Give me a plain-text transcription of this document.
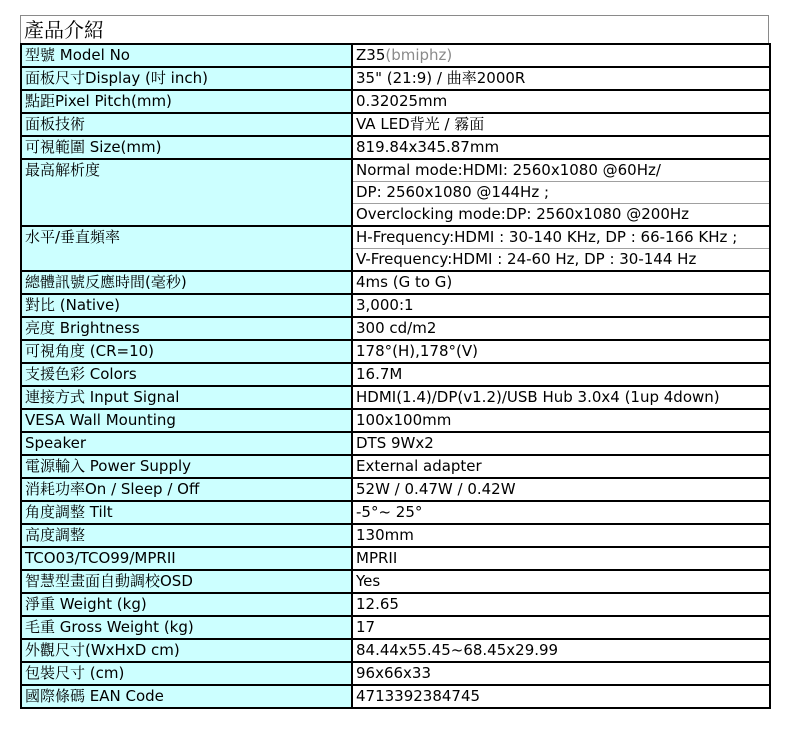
產品介紹
型號 Model No	Z35(bmiphz)

面板尺寸Display (吋 inch)	35" (21:9) / 曲率2000R

點距Pixel Pitch(mm)	0.32025mm

面板技術	VA LED背光 / 霧面

可視範圍 Size(mm)	819.84x345.87mm

最高解析度	Normal mode:HDMI: 2560x1080 @60Hz/
DP: 2560x1080 @144Hz ;
Overclocking mode:DP: 2560x1080 @200Hz

水平/垂直頻率	H-Frequency:HDMI : 30-140 KHz, DP : 66-166 KHz ;
V-Frequency:HDMI : 24-60 Hz, DP : 30-144 Hz

總體訊號反應時間(毫秒)	4ms (G to G)

對比 (Native)	3,000:1

亮度 Brightness	300 cd/m2

可視角度 (CR=10)	178°(H),178°(V)

支援色彩 Colors	16.7M

連接方式 Input Signal	HDMI(1.4)/DP(v1.2)/USB Hub 3.0x4 (1up 4down)

VESA Wall Mounting	100x100mm

Speaker	DTS 9Wx2

電源輸入 Power Supply	External adapter

消耗功率On / Sleep / Off	52W / 0.47W / 0.42W

角度調整 Tilt	-5°~ 25°

高度調整	130mm

TCO03/TCO99/MPRII	MPRII

智慧型畫面自動調校OSD	Yes

淨重 Weight (kg)	12.65

毛重 Gross Weight (kg)	17

外觀尺寸(WxHxD cm)	84.44x55.45~68.45x29.99

包裝尺寸 (cm)	96x66x33

國際條碼 EAN Code	4713392384745
